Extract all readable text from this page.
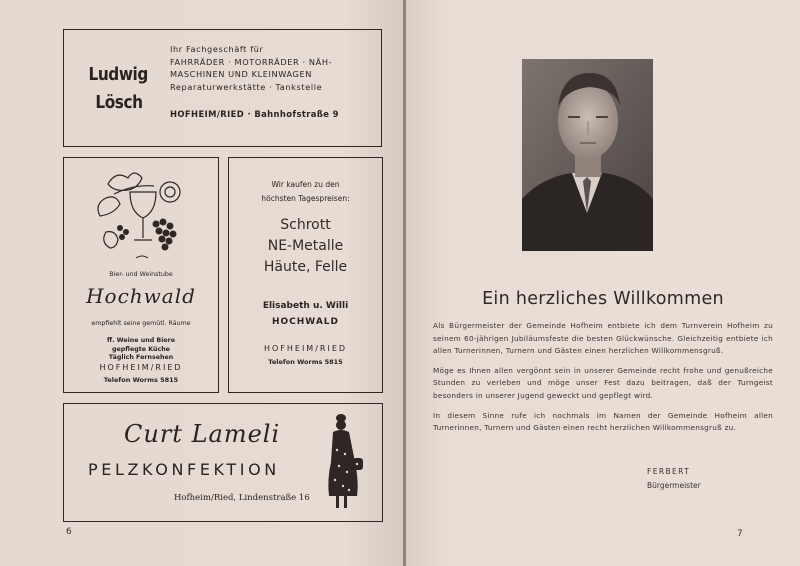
Ludwig
Lösch
Ihr Fachgeschäft für
FAHRRÄDER · MOTORRÄDER · NÄH-
MASCHINEN UND KLEINWAGEN
Reparaturwerkstätte · Tankstelle
HOFHEIM/RIED · Bahnhofstraße 9
Bier- und Weinstube
Hochwald
empfiehlt seine gemütl. Räume
ff. Weine und Biere
gepflegte Küche
Täglich Fernsehen
HOFHEIM/RIED
Telefon Worms 5815
Wir kaufen zu den
höchsten Tagespreisen:
Schrott
NE-Metalle
Häute, Felle
Elisabeth u. Willi
HOCHWALD
HOFHEIM/RIED
Telefon Worms 5815
Curt Lameli
PELZKONFEKTION
Hofheim/Ried, Lindenstraße 16
6
Ein herzliches Willkommen

Als Bürgermeister der Gemeinde Hofheim entbiete ich dem Turnverein Hofheim zu seinem 60-jährigen Jubiläumsfeste die besten Glückwünsche. Gleichzeitig entbiete ich allen Turnerinnen, Turnern und Gästen einen herzlichen Willkommensgruß.

Möge es Ihnen allen vergönnt sein in unserer Gemeinde recht frohe und genußreiche Stunden zu verleben und möge unser Fest dazu beitragen, daß der Turngeist besonders in unserer Jugend geweckt und gepflegt wird.

In diesem Sinne rufe ich nochmals im Namen der Gemeinde Hofheim allen Turnerinnen, Turnern und Gästen einen recht herzlichen Willkommensgruß zu.

FERBERT
Bürgermeister
7
